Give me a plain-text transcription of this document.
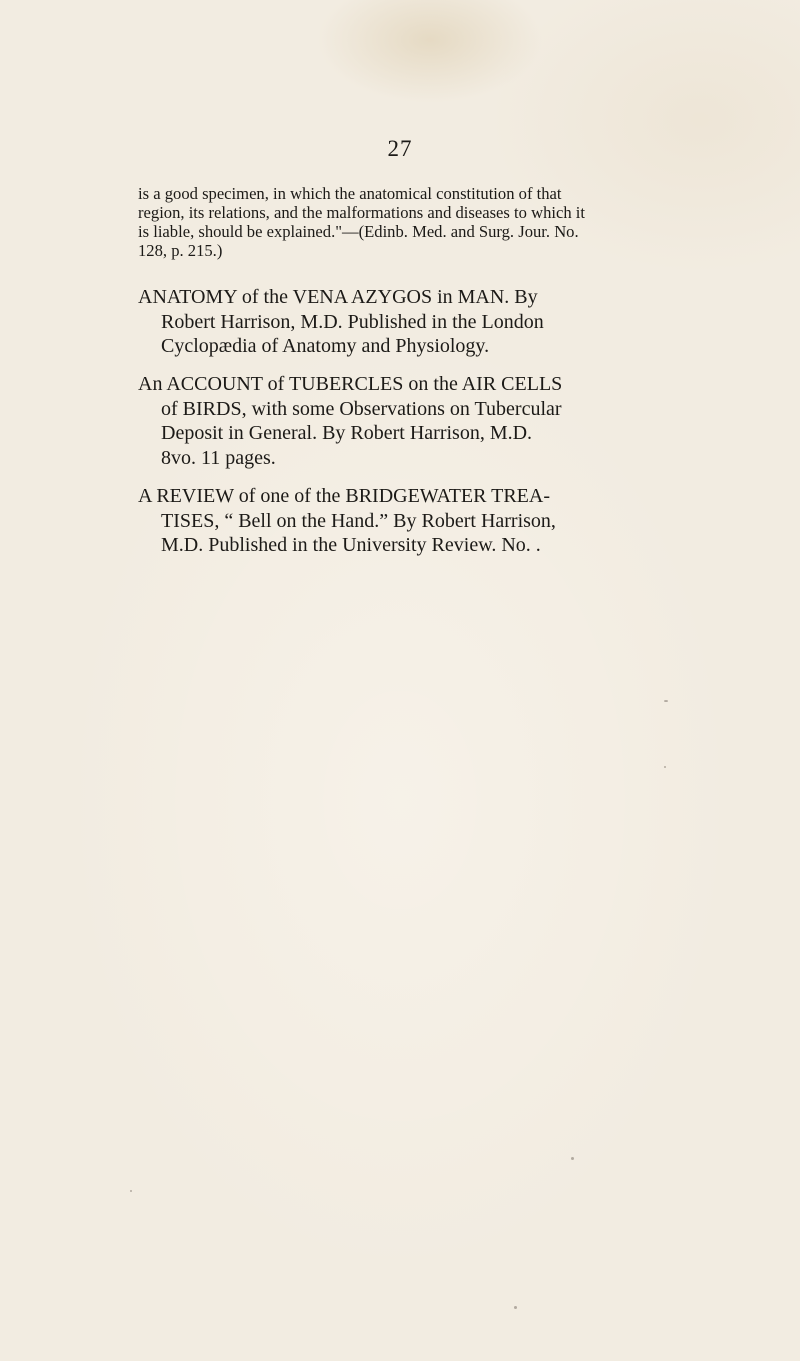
27

is a good specimen, in which the anatomical constitution of that
region, its relations, and the malformations and diseases to which it
is liable, should be explained."—(Edinb. Med. and Surg. Jour. No.
128, p. 215.)

ANATOMY of the VENA AZYGOS in MAN. By
Robert Harrison, M.D. Published in the London
Cyclopædia of Anatomy and Physiology.

An ACCOUNT of TUBERCLES on the AIR CELLS
of BIRDS, with some Observations on Tubercular
Deposit in General. By Robert Harrison, M.D.
8vo. 11 pages.

A REVIEW of one of the BRIDGEWATER TREA-
TISES, “ Bell on the Hand.” By Robert Harrison,
M.D. Published in the University Review. No. .
